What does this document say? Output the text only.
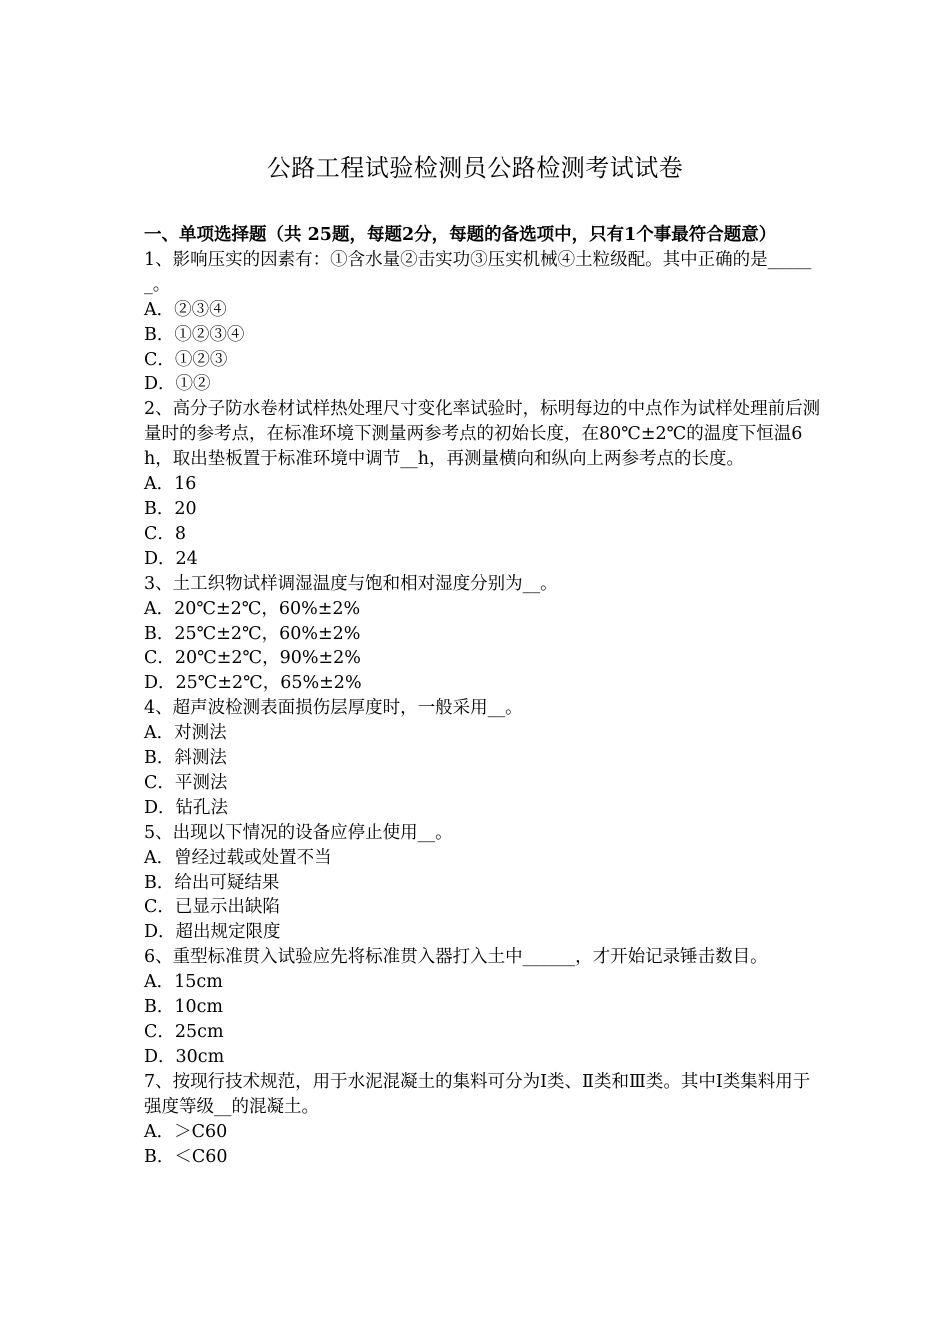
公路工程试验检测员公路检测考试试卷
一、单项选择题（共 25题，每题2分，每题的备选项中，只有1个事最符合题意）
1、影响压实的因素有：①含水量②击实功③压实机械④土粒级配。其中正确的是______。
A．②③④
B．①②③④
C．①②③
D．①②
2、高分子防水卷材试样热处理尺寸变化率试验时，标明每边的中点作为试样处理前后测量时的参考点，在标准环境下测量两参考点的初始长度，在80℃±2℃的温度下恒温6h，取出垫板置于标准环境中调节__h，再测量横向和纵向上两参考点的长度。
A．16
B．20
C．8
D．24
3、土工织物试样调湿温度与饱和相对湿度分别为__。
A．20℃±2℃，60%±2%
B．25℃±2℃，60%±2%
C．20℃±2℃，90%±2%
D．25℃±2℃，65%±2%
4、超声波检测表面损伤层厚度时，一般采用__。
A．对测法
B．斜测法
C．平测法
D．钻孔法
5、出现以下情况的设备应停止使用__。
A．曾经过载或处置不当
B．给出可疑结果
C．已显示出缺陷
D．超出规定限度
6、重型标准贯入试验应先将标准贯入器打入土中______，才开始记录锤击数目。
A．15cm
B．10cm
C．25cm
D．30cm
7、按现行技术规范，用于水泥混凝土的集料可分为Ⅰ类、Ⅱ类和Ⅲ类。其中Ⅰ类集料用于强度等级__的混凝土。
A．＞C60
B．＜C60
